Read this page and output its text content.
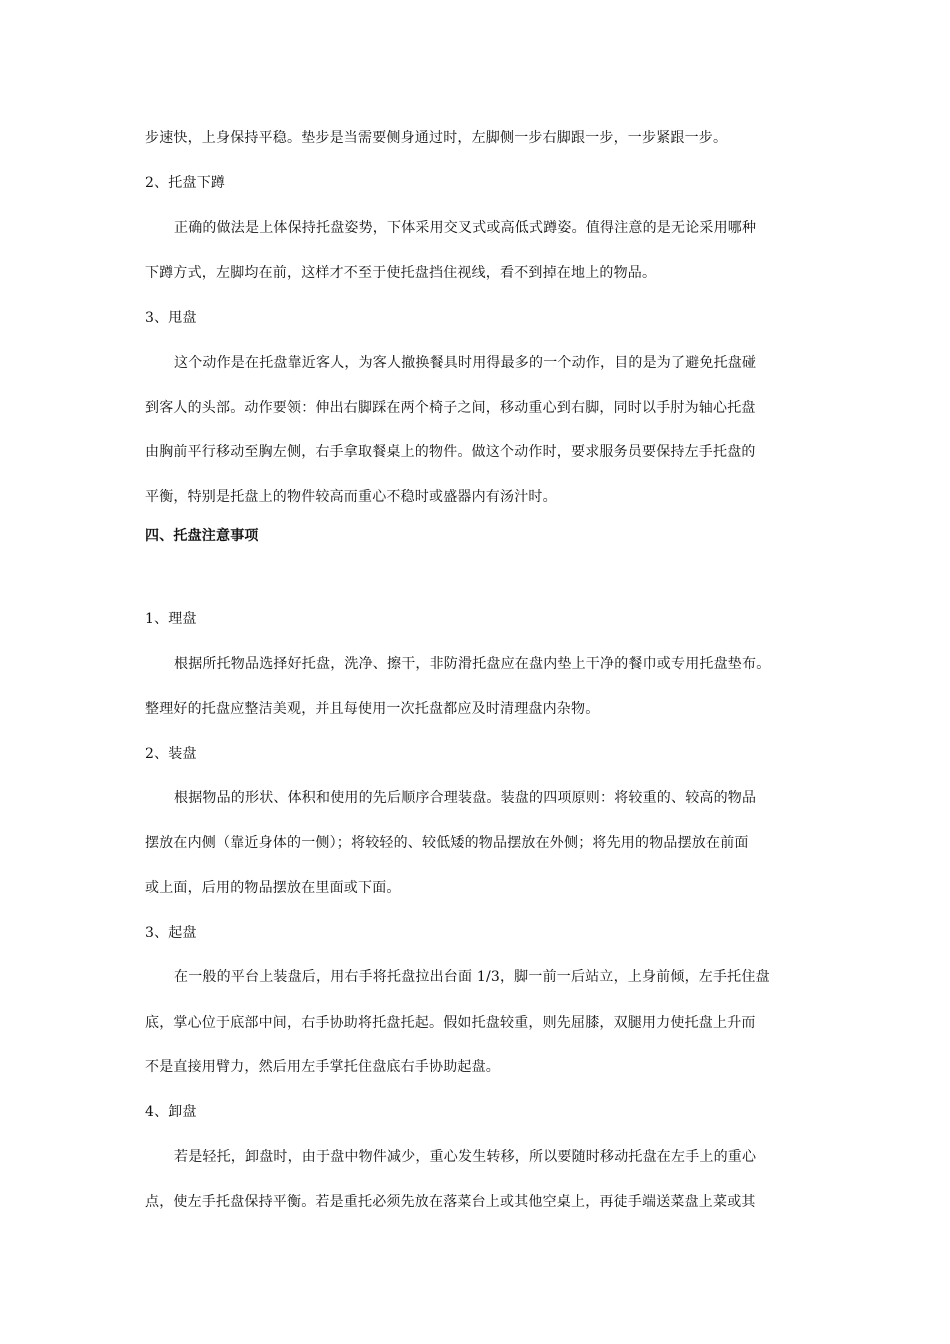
步速快，上身保持平稳。垫步是当需要侧身通过时，左脚侧一步右脚跟一步，一步紧跟一步。
2、托盘下蹲
正确的做法是上体保持托盘姿势，下体采用交叉式或高低式蹲姿。值得注意的是无论采用哪种
下蹲方式，左脚均在前，这样才不至于使托盘挡住视线，看不到掉在地上的物品。
3、甩盘
这个动作是在托盘靠近客人，为客人撤换餐具时用得最多的一个动作，目的是为了避免托盘碰
到客人的头部。动作要领：伸出右脚踩在两个椅子之间，移动重心到右脚，同时以手肘为轴心托盘
由胸前平行移动至胸左侧，右手拿取餐桌上的物件。做这个动作时，要求服务员要保持左手托盘的
平衡，特别是托盘上的物件较高而重心不稳时或盛器内有汤汁时。
四、托盘注意事项
1、理盘
根据所托物品选择好托盘，洗净、擦干，非防滑托盘应在盘内垫上干净的餐巾或专用托盘垫布。
整理好的托盘应整洁美观，并且每使用一次托盘都应及时清理盘内杂物。
2、装盘
根据物品的形状、体积和使用的先后顺序合理装盘。装盘的四项原则：将较重的、较高的物品
摆放在内侧（靠近身体的一侧）；将较轻的、较低矮的物品摆放在外侧；将先用的物品摆放在前面
或上面，后用的物品摆放在里面或下面。
3、起盘
在一般的平台上装盘后，用右手将托盘拉出台面 1/3，脚一前一后站立，上身前倾，左手托住盘
底，掌心位于底部中间，右手协助将托盘托起。假如托盘较重，则先屈膝，双腿用力使托盘上升而
不是直接用臂力，然后用左手掌托住盘底右手协助起盘。
4、卸盘
若是轻托，卸盘时，由于盘中物件减少，重心发生转移，所以要随时移动托盘在左手上的重心
点，使左手托盘保持平衡。若是重托必须先放在落菜台上或其他空桌上，再徒手端送菜盘上菜或其
